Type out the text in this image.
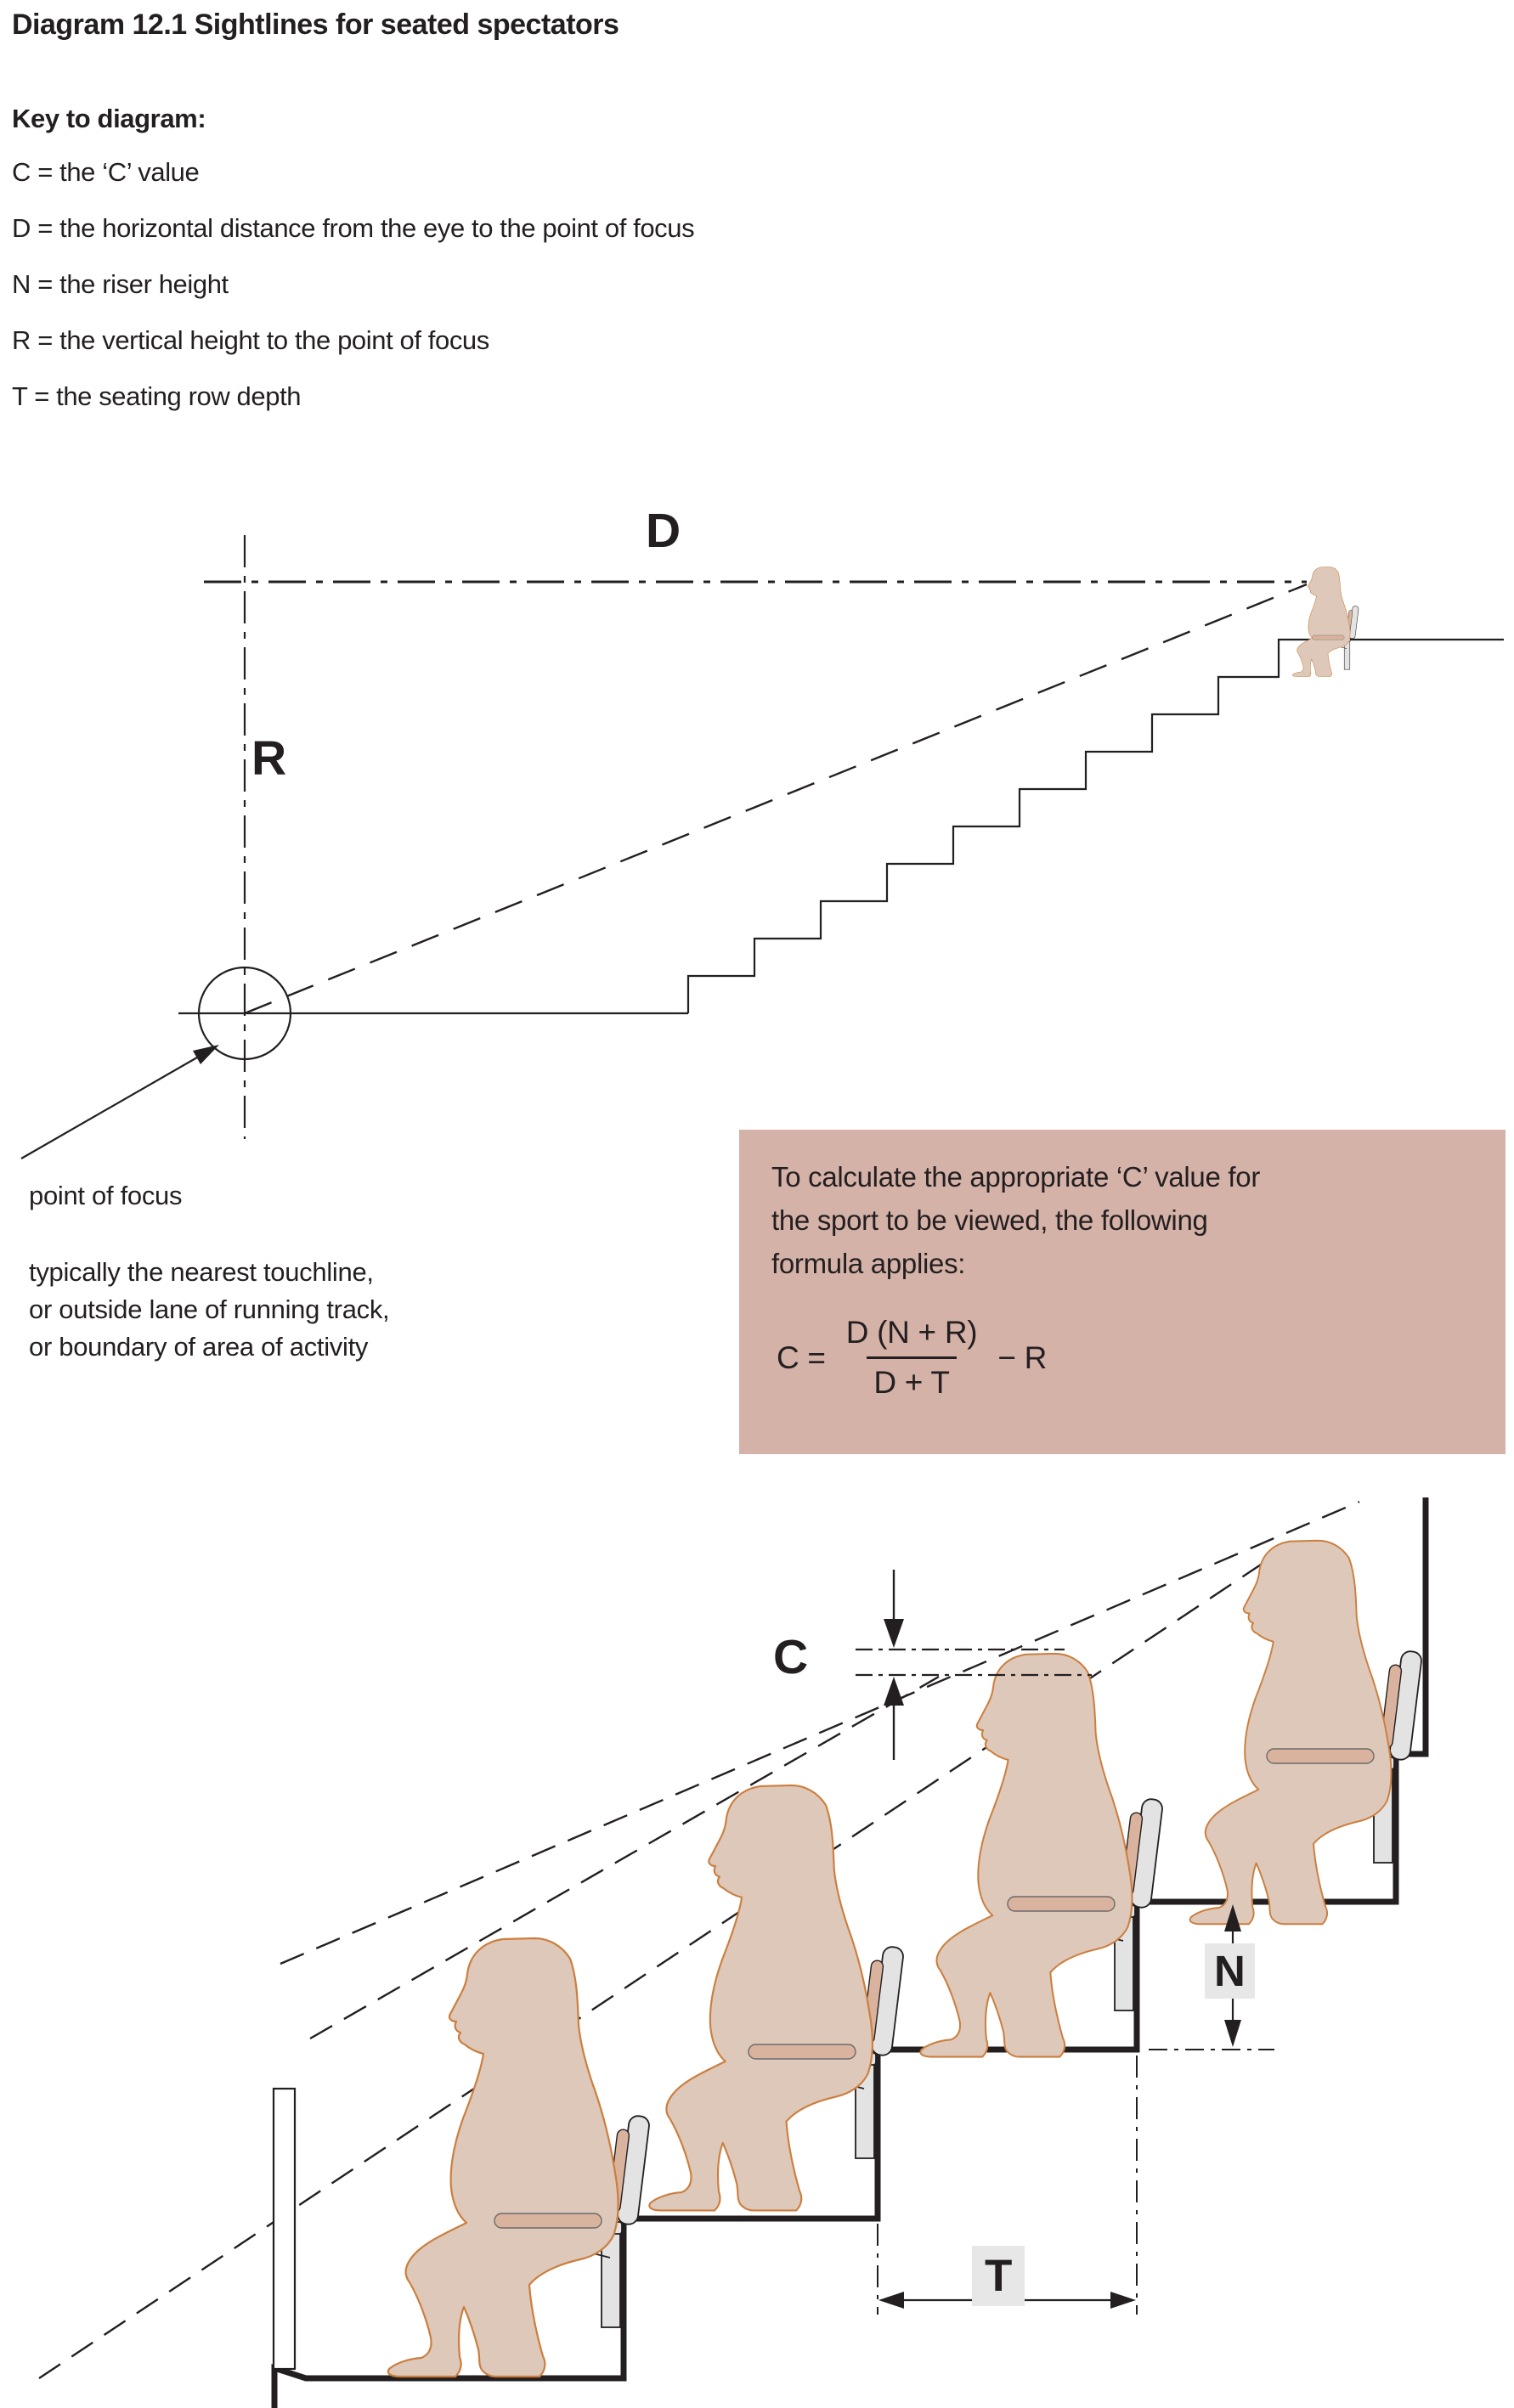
Diagram 12.1 Sightlines for seated spectators
Key to diagram:
C = the ‘C’ value
D = the horizontal distance from the eye to the point of focus
N = the riser height
R = the vertical height to the point of focus
T = the seating row depth
D
R
point of focus
typically the nearest touchline,
or outside lane of running track,
or boundary of area of activity
To calculate the appropriate ‘C’ value for
the sport to be viewed, the following
formula applies:
$C = \frac{D (N + R)}{D + T} - R$
C
N
T
